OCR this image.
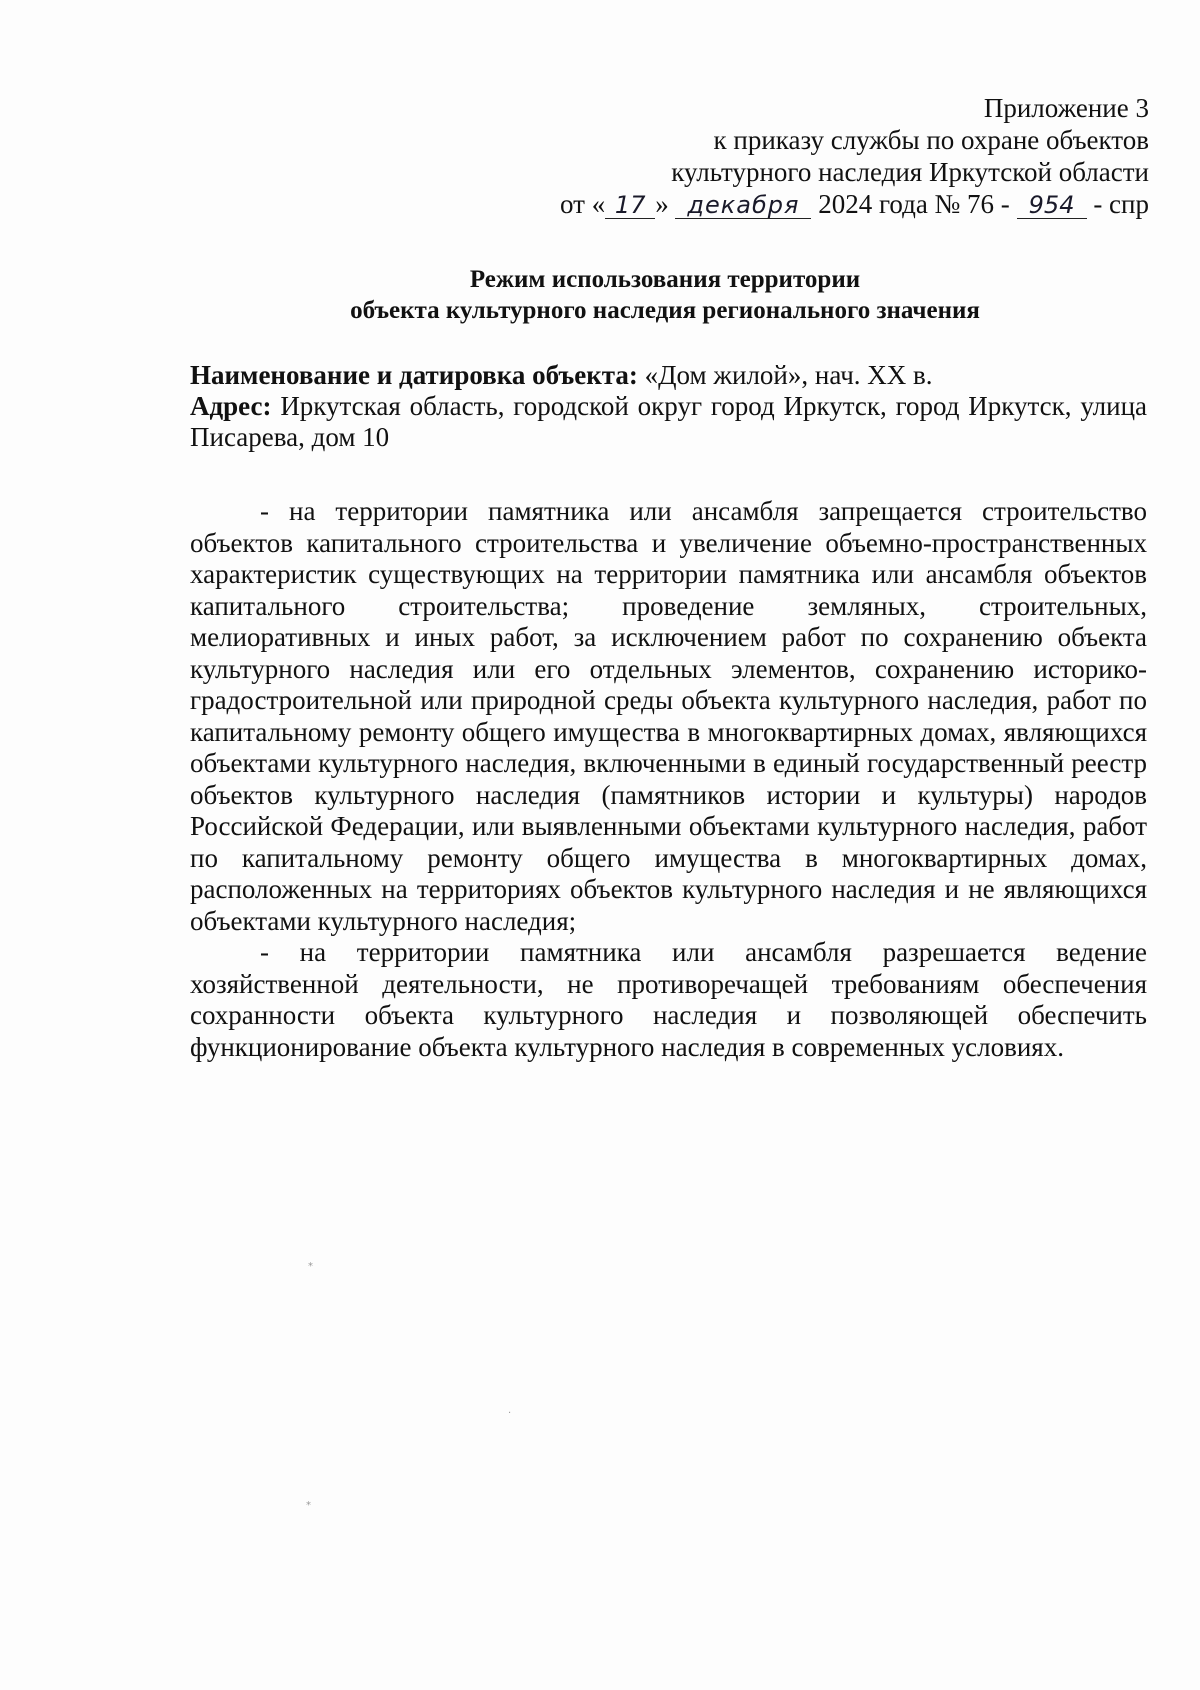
Приложение 3
к приказу службы по охране объектов
культурного наследия Иркутской области
от « 17 » декабря 2024 года № 76 - 954 - спр
Режим использования территории
объекта культурного наследия регионального значения
Наименование и датировка объекта: «Дом жилой», нач. XX в.
Адрес: Иркутская область, городской округ город Иркутск, город Иркутск, улица Писарева, дом 10

- на территории памятника или ансамбля запрещается строительство объектов капитального строительства и увеличение объемно-пространственных характеристик существующих на территории памятника или ансамбля объектов капитального строительства; проведение земляных, строительных, мелиоративных и иных работ, за исключением работ по сохранению объекта культурного наследия или его отдельных элементов, сохранению историко-градостроительной или природной среды объекта культурного наследия, работ по капитальному ремонту общего имущества в многоквартирных домах, являющихся объектами культурного наследия, включенными в единый государственный реестр объектов культурного наследия (памятников истории и культуры) народов Российской Федерации, или выявленными объектами культурного наследия, работ по капитальному ремонту общего имущества в многоквартирных домах, расположенных на территориях объектов культурного наследия и не являющихся объектами культурного наследия;

- на территории памятника или ансамбля разрешается ведение хозяйственной деятельности, не противоречащей требованиям обеспечения сохранности объекта культурного наследия и позволяющей обеспечить функционирование объекта культурного наследия в современных условиях.

⁎
⁎
·
